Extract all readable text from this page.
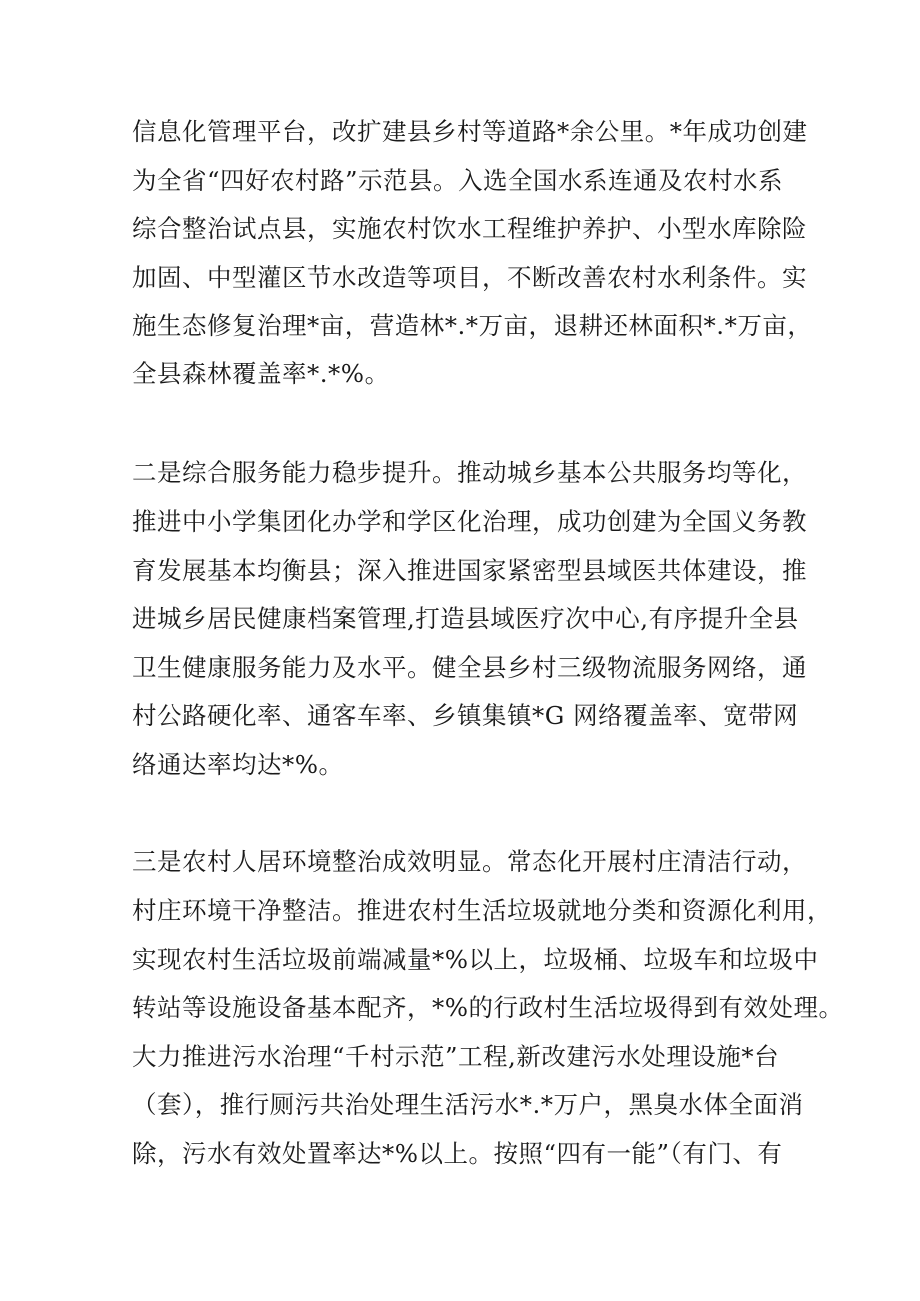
信息化管理平台，改扩建县乡村等道路*余公里。*年成功创建
为全省“四好农村路”示范县。入选全国水系连通及农村水系
综合整治试点县，实施农村饮水工程维护养护、小型水库除险
加固、中型灌区节水改造等项目，不断改善农村水利条件。实
施生态修复治理*亩，营造林*.*万亩，退耕还林面积*.*万亩，
全县森林覆盖率*.*%。
二是综合服务能力稳步提升。推动城乡基本公共服务均等化，
推进中小学集团化办学和学区化治理，成功创建为全国义务教
育发展基本均衡县；深入推进国家紧密型县域医共体建设，推
进城乡居民健康档案管理,打造县域医疗次中心,有序提升全县
卫生健康服务能力及水平。健全县乡村三级物流服务网络，通
村公路硬化率、通客车率、乡镇集镇*G 网络覆盖率、宽带网
络通达率均达*%。
三是农村人居环境整治成效明显。常态化开展村庄清洁行动，
村庄环境干净整洁。推进农村生活垃圾就地分类和资源化利用，
实现农村生活垃圾前端减量*%以上，垃圾桶、垃圾车和垃圾中
转站等设施设备基本配齐，*%的行政村生活垃圾得到有效处理。
大力推进污水治理“千村示范”工程,新改建污水处理设施*台
（套），推行厕污共治处理生活污水*.*万户，黑臭水体全面消
除，污水有效处置率达*%以上。按照“四有一能”（有门、有
